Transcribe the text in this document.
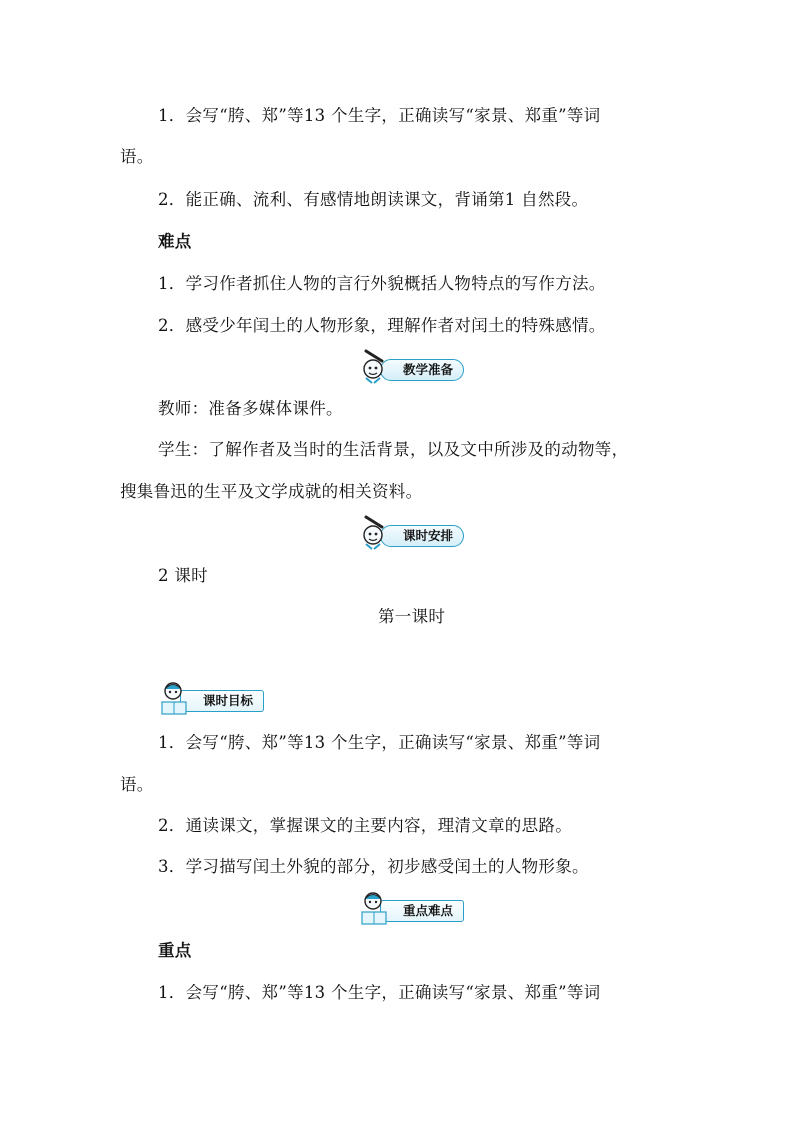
1．会写“胯、郑”等13 个生字，正确读写“家景、郑重”等词
语。
2．能正确、流利、有感情地朗读课文，背诵第1 自然段。
难点
1．学习作者抓住人物的言行外貌概括人物特点的写作方法。
2．感受少年闰土的人物形象，理解作者对闰土的特殊感情。
教学准备
教师：准备多媒体课件。
学生：了解作者及当时的生活背景，以及文中所涉及的动物等，
搜集鲁迅的生平及文学成就的相关资料。
课时安排
2 课时
第一课时
课时目标
1．会写“胯、郑”等13 个生字，正确读写“家景、郑重”等词
语。
2．通读课文，掌握课文的主要内容，理清文章的思路。
3．学习描写闰土外貌的部分，初步感受闰土的人物形象。
重点难点
重点
1．会写“胯、郑”等13 个生字，正确读写“家景、郑重”等词
